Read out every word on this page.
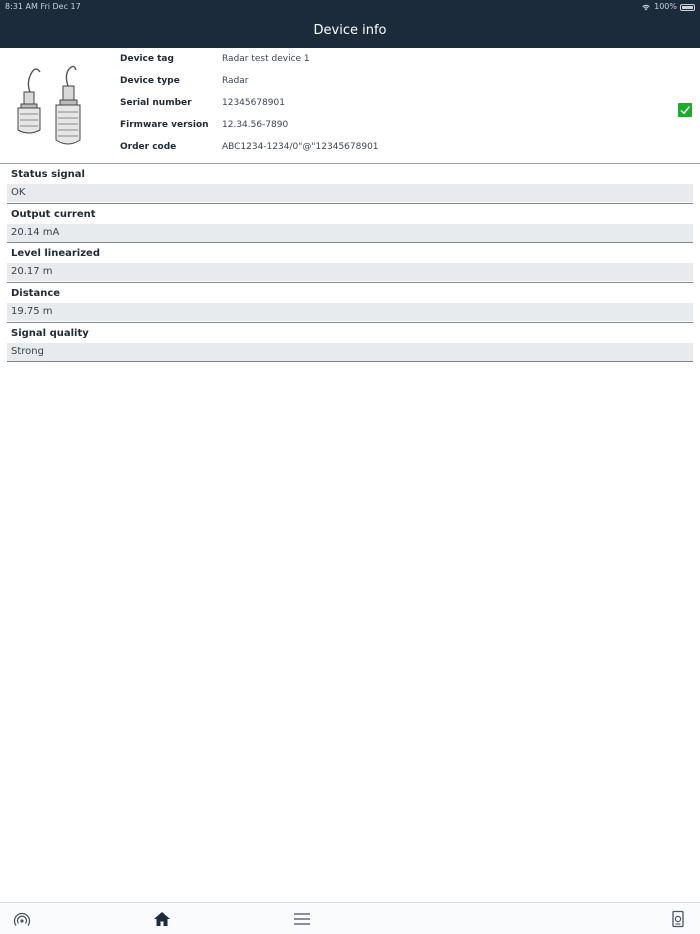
8:31 AM Fri Dec 17	100%
Device info
Device tag	Radar test device 1
Device type	Radar
Serial number	12345678901
Firmware version 12.34.56-7890
Order code	ABC1234-1234/0"@"12345678901
Status signal
OK
Output current
20.14 mA
Level linearized
20.17 m
Distance
19.75 m
Signal quality
Strong
